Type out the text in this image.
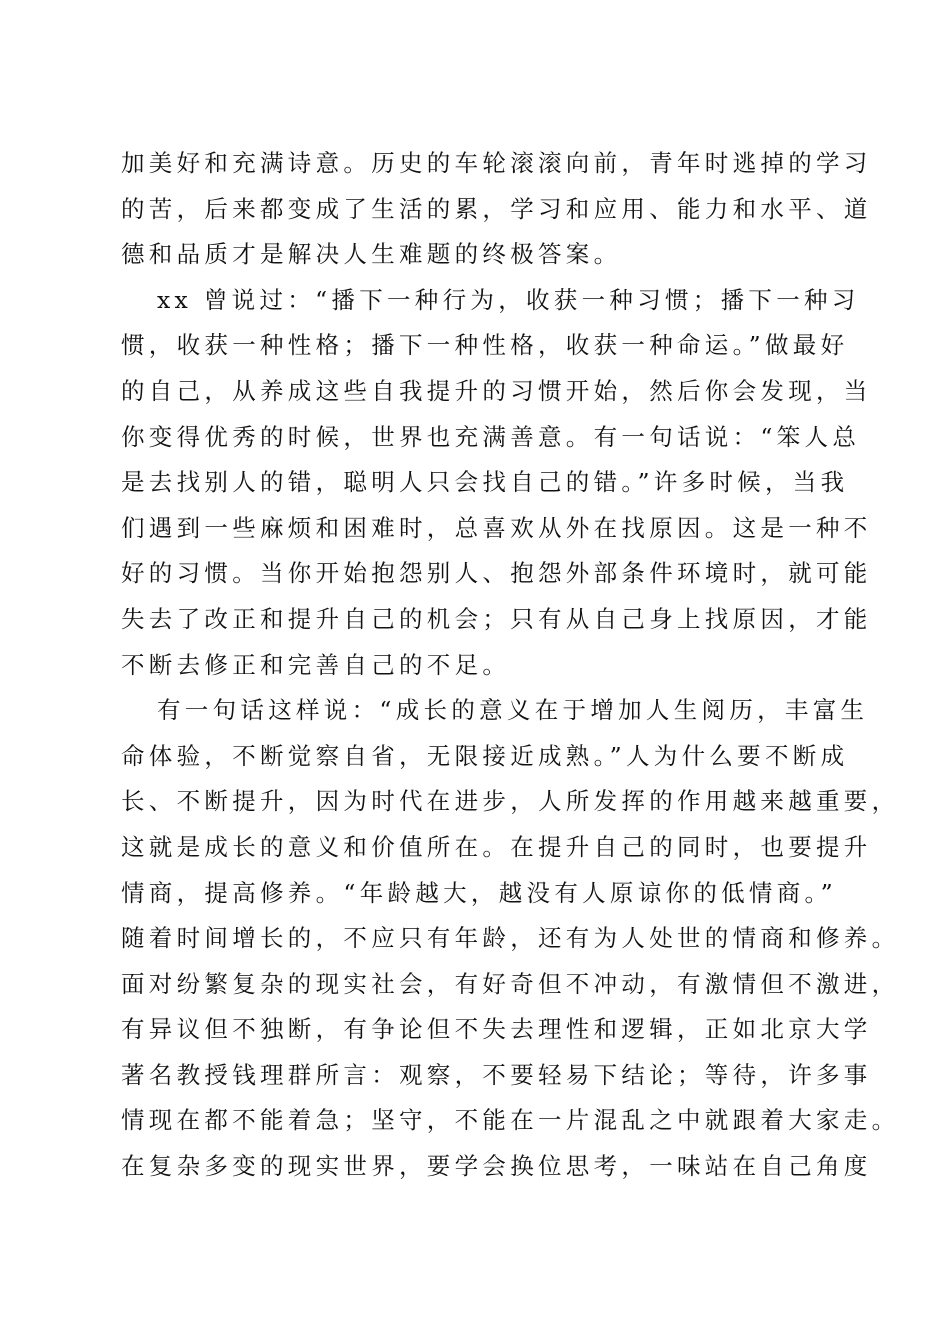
加美好和充满诗意。历史的车轮滚滚向前，青年时逃掉的学习
的苦，后来都变成了生活的累，学习和应用、能力和水平、道
德和品质才是解决人生难题的终极答案。
xx 曾说过：“播下一种行为，收获一种习惯；播下一种习
惯，收获一种性格；播下一种性格，收获一种命运。”做最好
的自己，从养成这些自我提升的习惯开始，然后你会发现，当
你变得优秀的时候，世界也充满善意。有一句话说：“笨人总
是去找别人的错，聪明人只会找自己的错。”许多时候，当我
们遇到一些麻烦和困难时，总喜欢从外在找原因。这是一种不
好的习惯。当你开始抱怨别人、抱怨外部条件环境时，就可能
失去了改正和提升自己的机会；只有从自己身上找原因，才能
不断去修正和完善自己的不足。
有一句话这样说：“成长的意义在于增加人生阅历，丰富生
命体验，不断觉察自省，无限接近成熟。”人为什么要不断成
长、不断提升，因为时代在进步，人所发挥的作用越来越重要，
这就是成长的意义和价值所在。在提升自己的同时，也要提升
情商，提高修养。“年龄越大，越没有人原谅你的低情商。”
随着时间增长的，不应只有年龄，还有为人处世的情商和修养。
面对纷繁复杂的现实社会，有好奇但不冲动，有激情但不激进，
有异议但不独断，有争论但不失去理性和逻辑，正如北京大学
著名教授钱理群所言：观察，不要轻易下结论；等待，许多事
情现在都不能着急；坚守，不能在一片混乱之中就跟着大家走。
在复杂多变的现实世界，要学会换位思考，一味站在自己角度
